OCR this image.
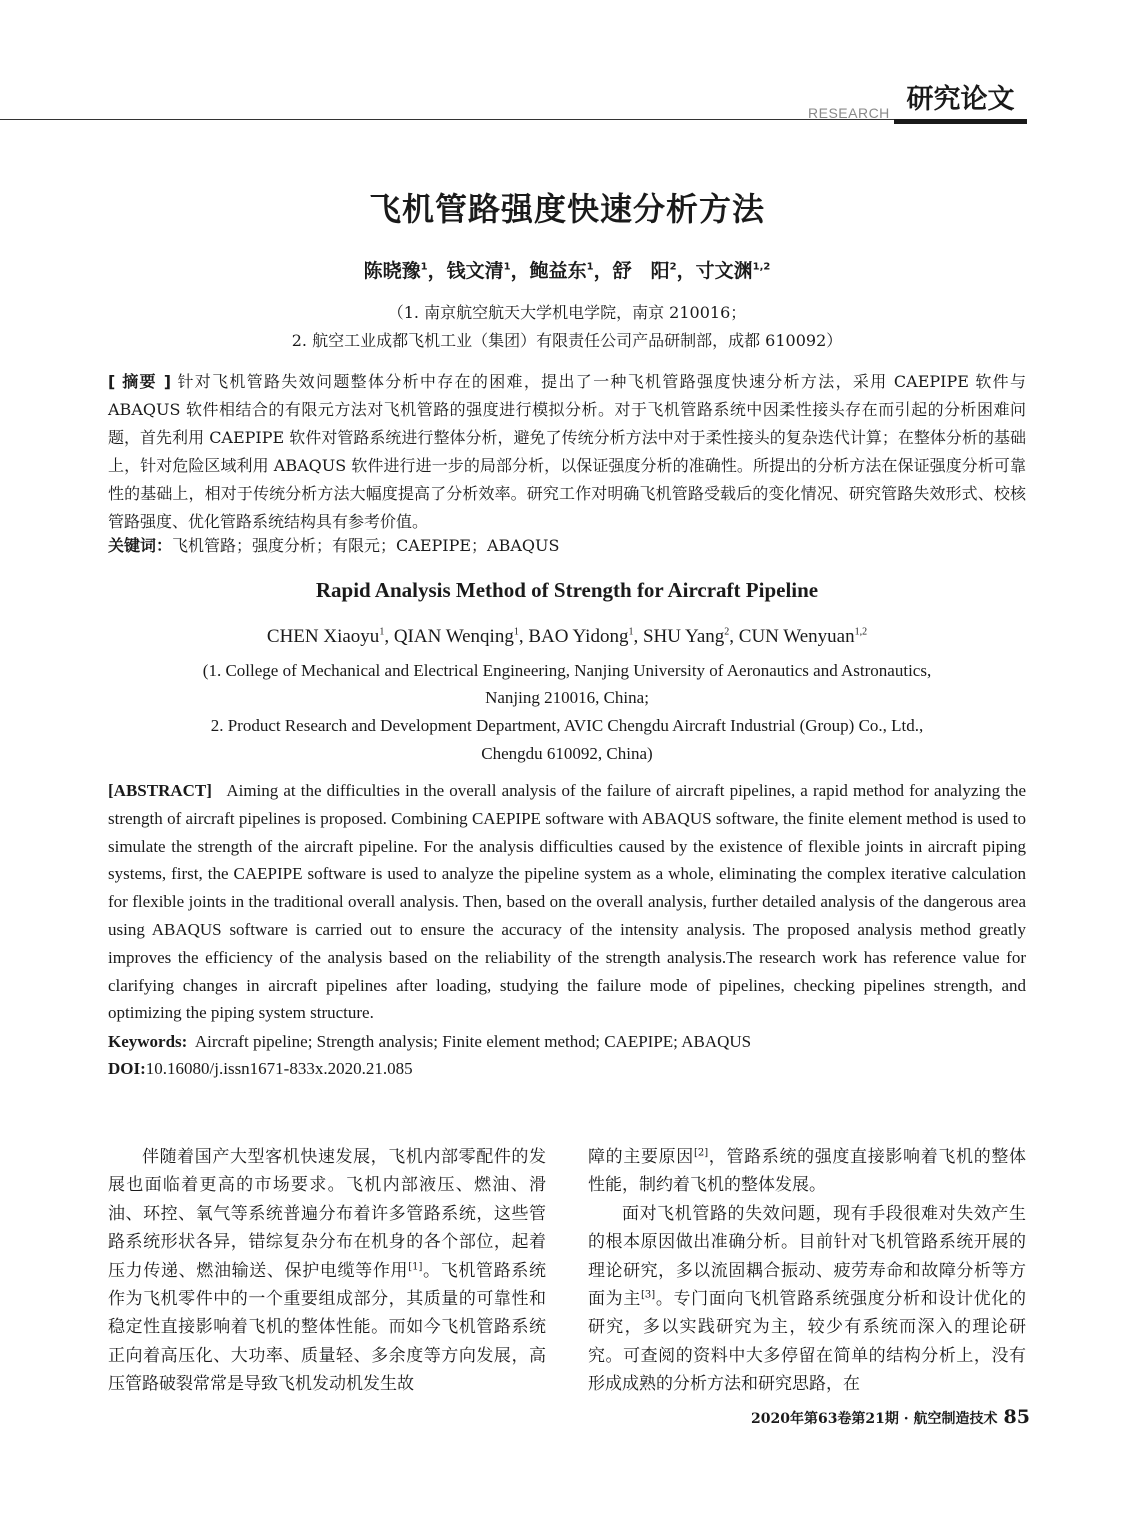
RESEARCH 研究论文
飞机管路强度快速分析方法
陈晓豫$^1$，钱文清$^1$，鲍益东$^1$，舒　阳$^2$，寸文渊$^{1,2}$
（1. 南京航空航天大学机电学院，南京 210016；
2. 航空工业成都飞机工业（集团）有限责任公司产品研制部，成都 610092）
[ 摘要 ] 针对飞机管路失效问题整体分析中存在的困难，提出了一种飞机管路强度快速分析方法，采用 CAEPIPE 软件与 ABAQUS 软件相结合的有限元方法对飞机管路的强度进行模拟分析。对于飞机管路系统中因柔性接头存在而引起的分析困难问题，首先利用 CAEPIPE 软件对管路系统进行整体分析，避免了传统分析方法中对于柔性接头的复杂迭代计算；在整体分析的基础上，针对危险区域利用 ABAQUS 软件进行进一步的局部分析，以保证强度分析的准确性。所提出的分析方法在保证强度分析可靠性的基础上，相对于传统分析方法大幅度提高了分析效率。研究工作对明确飞机管路受载后的变化情况、研究管路失效形式、校核管路强度、优化管路系统结构具有参考价值。
关键词：飞机管路；强度分析；有限元；CAEPIPE；ABAQUS
Rapid Analysis Method of Strength for Aircraft Pipeline
CHEN Xiaoyu$^1$, QIAN Wenqing$^1$, BAO Yidong$^1$, SHU Yang$^2$, CUN Wenyuan$^{1,2}$
(1. College of Mechanical and Electrical Engineering, Nanjing University of Aeronautics and Astronautics,
Nanjing 210016, China;
2. Product Research and Development Department, AVIC Chengdu Aircraft Industrial (Group) Co., Ltd.,
Chengdu 610092, China)
[ABSTRACT] Aiming at the difficulties in the overall analysis of the failure of aircraft pipelines, a rapid method for analyzing the strength of aircraft pipelines is proposed. Combining CAEPIPE software with ABAQUS software, the finite element method is used to simulate the strength of the aircraft pipeline. For the analysis difficulties caused by the existence of flexible joints in aircraft piping systems, first, the CAEPIPE software is used to analyze the pipeline system as a whole, eliminating the complex iterative calculation for flexible joints in the traditional overall analysis. Then, based on the overall analysis, further detailed analysis of the dangerous area using ABAQUS software is carried out to ensure the accuracy of the intensity analysis. The proposed analysis method greatly improves the efficiency of the analysis based on the reliability of the strength analysis.The research work has reference value for clarifying changes in aircraft pipelines after loading, studying the failure mode of pipelines, checking pipelines strength, and optimizing the piping system structure.
Keywords: Aircraft pipeline; Strength analysis; Finite element method; CAEPIPE; ABAQUS
DOI:10.16080/j.issn1671-833x.2020.21.085

伴随着国产大型客机快速发展，飞机内部零配件的发展也面临着更高的市场要求。飞机内部液压、燃油、滑油、环控、氧气等系统普遍分布着许多管路系统，这些管路系统形状各异，错综复杂分布在机身的各个部位，起着压力传递、燃油输送、保护电缆等作用[1]。飞机管路系统作为飞机零件中的一个重要组成部分，其质量的可靠性和稳定性直接影响着飞机的整体性能。而如今飞机管路系统正向着高压化、大功率、质量轻、多余度等方向发展，高压管路破裂常常是导致飞机发动机发生故

障的主要原因[2]，管路系统的强度直接影响着飞机的整体性能，制约着飞机的整体发展。

面对飞机管路的失效问题，现有手段很难对失效产生的根本原因做出准确分析。目前针对飞机管路系统开展的理论研究，多以流固耦合振动、疲劳寿命和故障分析等方面为主[3]。专门面向飞机管路系统强度分析和设计优化的研究，多以实践研究为主，较少有系统而深入的理论研究。可查阅的资料中大多停留在简单的结构分析上，没有形成成熟的分析方法和研究思路，在

2020年第63卷第21期 · 航空制造技术 85
